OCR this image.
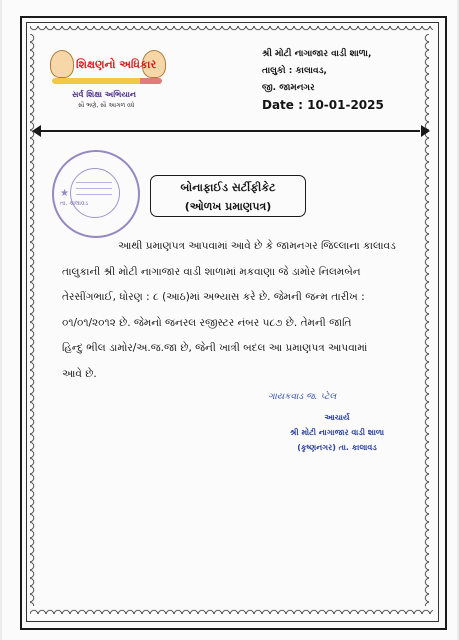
શિક્ષણનો અધિકાર
સર્વ શિક્ષા અભિયાન
સૌ ભણે, સૌ આગળ વધે
શ્રી મોટી નાગાજાર વાડી શાળા,
તાલુકો : કાલાવડ,
જી. જામનગર
Date : 10-01-2025
★
તા. કાલાવડ
બોનાફાઈડ સર્ટીફીકેટ
(ઓળખ પ્રમાણપત્ર)
આથી પ્રમાણપત્ર આપવામાં આવે છે કે જામનગર જિલ્લાના કાલાવડ
તાલુકાની શ્રી મોટી નાગાજાર વાડી શાળામાં મકવાણા જે ડામોર નિલમબેન
તેરસીંગભાઈ, ધોરણ : ૮ (આઠ)માં અભ્યાસ કરે છે. જેમની જન્મ તારીખ :
૦૧/૦૧/૨૦૧૨ છે. જેમનો જનરલ રજીસ્ટર નંબર ૫૮૭ છે. તેમની જાતિ
હિન્દુ ભીલ ડામોર/અ.જ.જા છે, જેની ખાત્રી બદલ આ પ્રમાણપત્ર આપવામાં
આવે છે.
ગાયકવાડ જ. પ્ટેલ
આચાર્ય
શ્રી મોટી નાગાજાર વાડી શાળા
(કૃષ્ણનગર) તા. કાલાવડ
